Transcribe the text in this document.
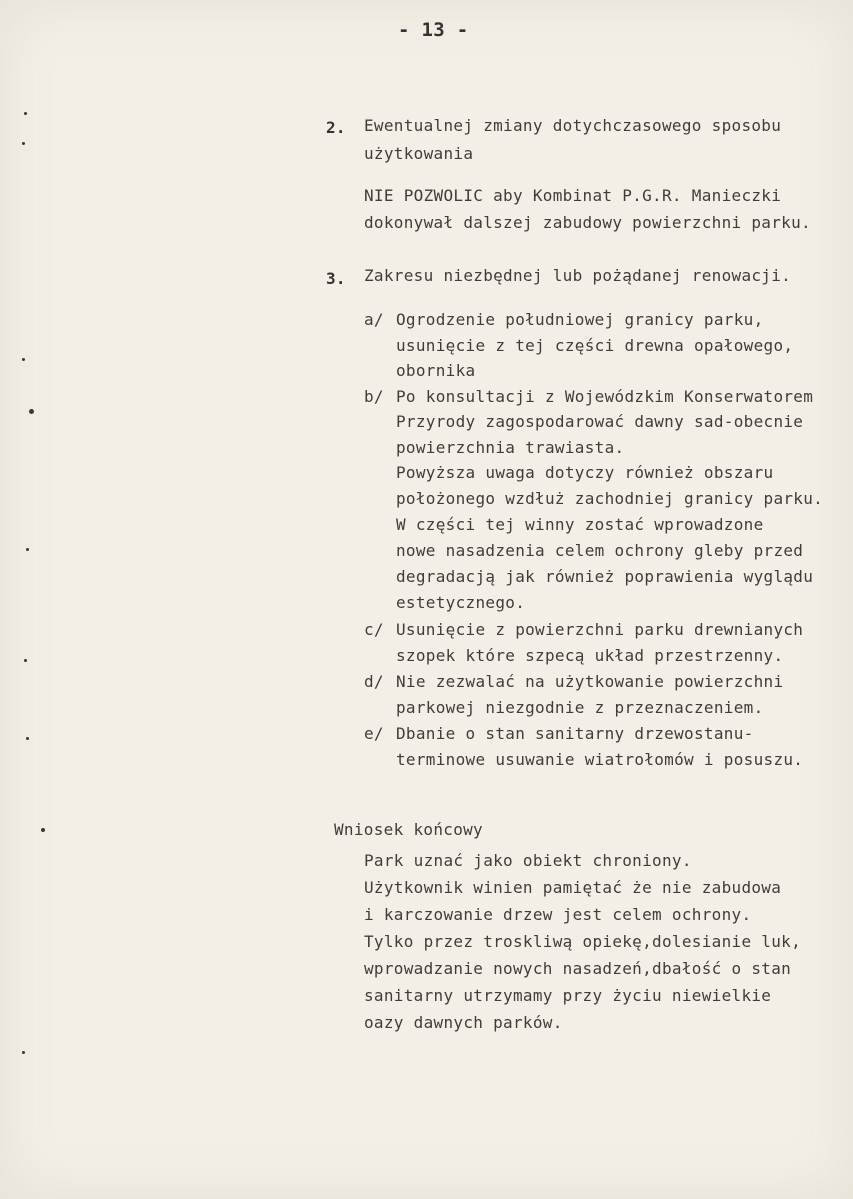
- 13 -
2. Ewentualnej zmiany dotychczasowego sposobu
użytkowania
NIE POZWOLIC aby Kombinat P.G.R. Manieczki
dokonywał dalszej zabudowy powierzchni parku.
3. Zakresu niezbędnej lub pożądanej renowacji.
a/ Ogrodzenie południowej granicy parku,
usunięcie z tej części drewna opałowego,
obornika
b/ Po konsultacji z Wojewódzkim Konserwatorem
Przyrody zagospodarować dawny sad-obecnie
powierzchnia trawiasta.
Powyższa uwaga dotyczy również obszaru
położonego wzdłuż zachodniej granicy parku.
W części tej winny zostać wprowadzone
nowe nasadzenia celem ochrony gleby przed
degradacją jak również poprawienia wyglądu
estetycznego.
c/ Usunięcie z powierzchni parku drewnianych
szopek które szpecą układ przestrzenny.
d/ Nie zezwalać na użytkowanie powierzchni
parkowej niezgodnie z przeznaczeniem.
e/ Dbanie o stan sanitarny drzewostanu-
terminowe usuwanie wiatrołomów i posuszu.
Wniosek końcowy
Park uznać jako obiekt chroniony.
Użytkownik winien pamiętać że nie zabudowa
i karczowanie drzew jest celem ochrony.
Tylko przez troskliwą opiekę,dolesianie luk,
wprowadzanie nowych nasadzeń,dbałość o stan
sanitarny utrzymamy przy życiu niewielkie
oazy dawnych parków.
